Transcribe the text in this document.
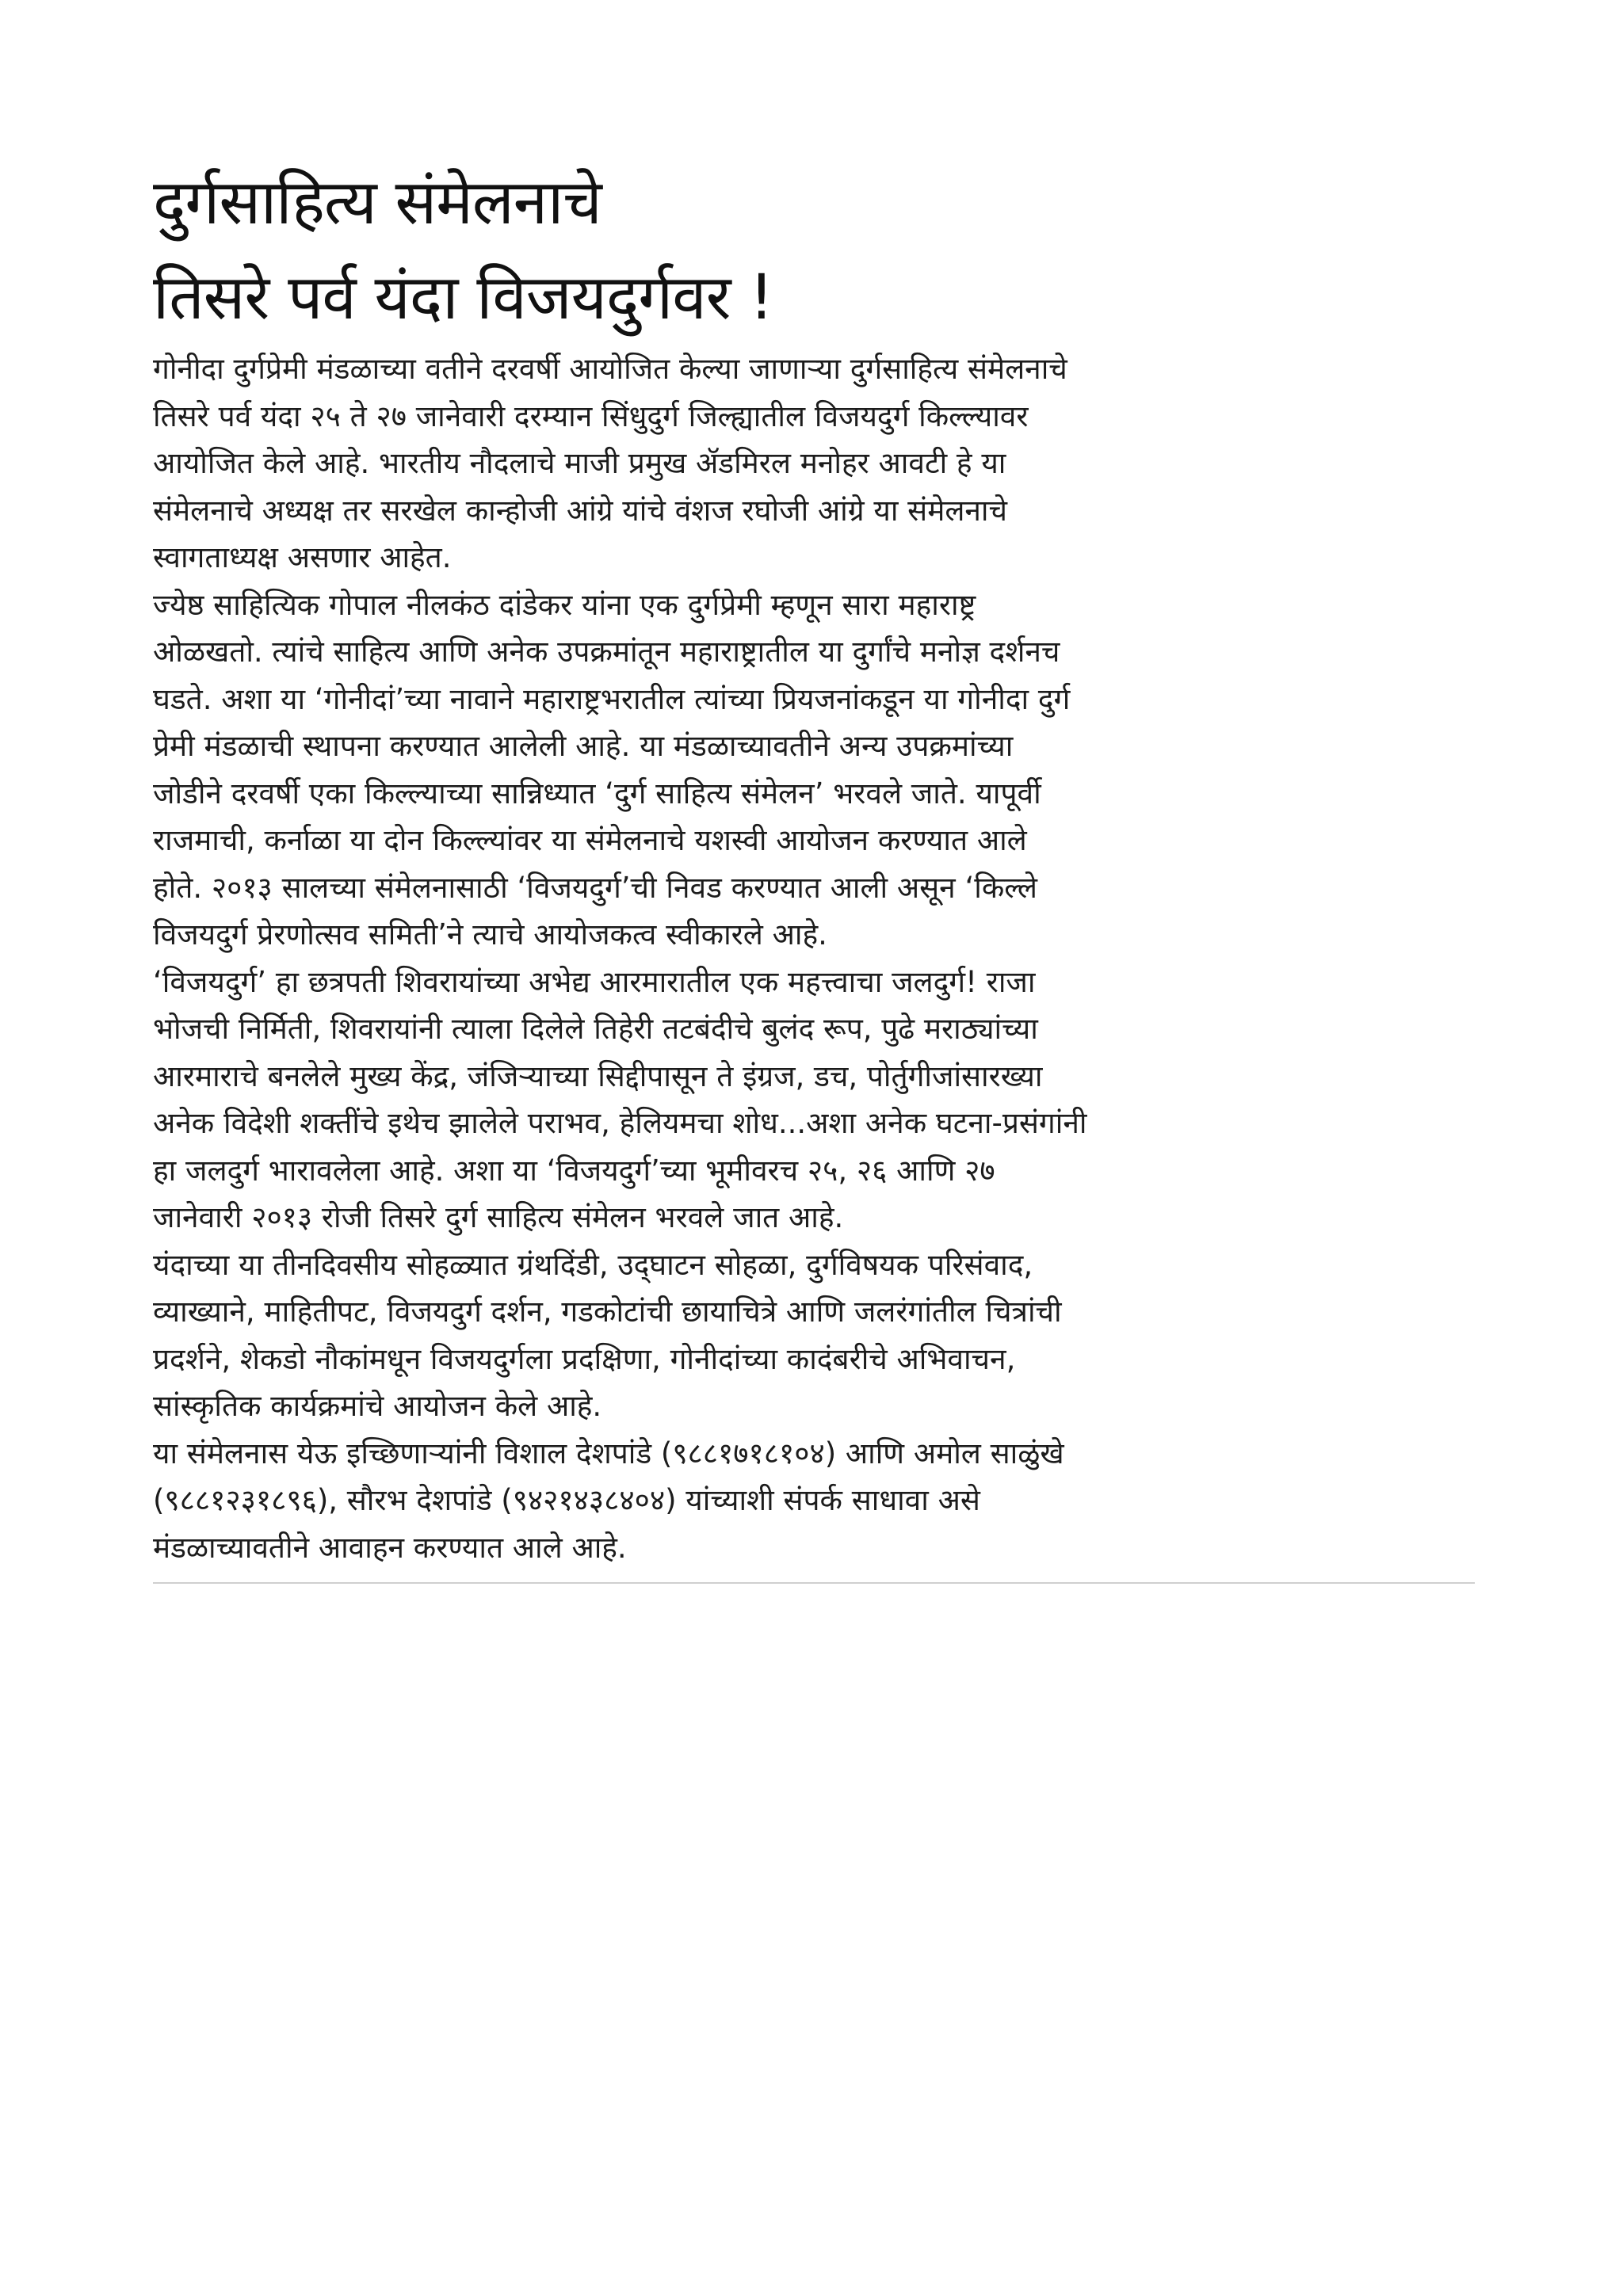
दुर्गसाहित्य संमेलनाचे
तिसरे पर्व यंदा विजयदुर्गवर !

गोनीदा दुर्गप्रेमी मंडळाच्या वतीने दरवर्षी आयोजित केल्या जाणाऱ्या दुर्गसाहित्य संमेलनाचे
तिसरे पर्व यंदा २५ ते २७ जानेवारी दरम्यान सिंधुदुर्ग जिल्ह्यातील विजयदुर्ग किल्ल्यावर
आयोजित केले आहे. भारतीय नौदलाचे माजी प्रमुख ॲडमिरल मनोहर आवटी हे या
संमेलनाचे अध्यक्ष तर सरखेल कान्होजी आंग्रे यांचे वंशज रघोजी आंग्रे या संमेलनाचे
स्वागताध्यक्ष असणार आहेत.

ज्येष्ठ साहित्यिक गोपाल नीलकंठ दांडेकर यांना एक दुर्गप्रेमी म्हणून सारा महाराष्ट्र
ओळखतो. त्यांचे साहित्य आणि अनेक उपक्रमांतून महाराष्ट्रातील या दुर्गांचे मनोज्ञ दर्शनच
घडते. अशा या ‘गोनीदां’च्या नावाने महाराष्ट्रभरातील त्यांच्या प्रियजनांकडून या गोनीदा दुर्ग
प्रेमी मंडळाची स्थापना करण्यात आलेली आहे. या मंडळाच्यावतीने अन्य उपक्रमांच्या
जोडीने दरवर्षी एका किल्ल्याच्या सान्निध्यात ‘दुर्ग साहित्य संमेलन’ भरवले जाते. यापूर्वी
राजमाची, कर्नाळा या दोन किल्ल्यांवर या संमेलनाचे यशस्वी आयोजन करण्यात आले
होते. २०१३ सालच्या संमेलनासाठी ‘विजयदुर्ग’ची निवड करण्यात आली असून ‘किल्ले
विजयदुर्ग प्रेरणोत्सव समिती’ने त्याचे आयोजकत्व स्वीकारले आहे.

‘विजयदुर्ग’ हा छत्रपती शिवरायांच्या अभेद्य आरमारातील एक महत्त्वाचा जलदुर्ग! राजा
भोजची निर्मिती, शिवरायांनी त्याला दिलेले तिहेरी तटबंदीचे बुलंद रूप, पुढे मराठ्यांच्या
आरमाराचे बनलेले मुख्य केंद्र, जंजिऱ्याच्या सिद्दीपासून ते इंग्रज, डच, पोर्तुगीजांसारख्या
अनेक विदेशी शक्तींचे इथेच झालेले पराभव, हेलियमचा शोध...अशा अनेक घटना-प्रसंगांनी
हा जलदुर्ग भारावलेला आहे. अशा या ‘विजयदुर्ग’च्या भूमीवरच २५, २६ आणि २७
जानेवारी २०१३ रोजी तिसरे दुर्ग साहित्य संमेलन भरवले जात आहे.

यंदाच्या या तीनदिवसीय सोहळ्यात ग्रंथदिंडी, उद्‌घाटन सोहळा, दुर्गविषयक परिसंवाद,
व्याख्याने, माहितीपट, विजयदुर्ग दर्शन, गडकोटांची छायाचित्रे आणि जलरंगांतील चित्रांची
प्रदर्शने, शेकडो नौकांमधून विजयदुर्गला प्रदक्षिणा, गोनीदांच्या कादंबरीचे अभिवाचन,
सांस्कृतिक कार्यक्रमांचे आयोजन केले आहे.

या संमेलनास येऊ इच्छिणाऱ्यांनी विशाल देशपांडे (९८८१७१८१०४) आणि अमोल साळुंखे
(९८८१२३१८९६), सौरभ देशपांडे (९४२१४३८४०४) यांच्याशी संपर्क साधावा असे
मंडळाच्यावतीने आवाहन करण्यात आले आहे.
